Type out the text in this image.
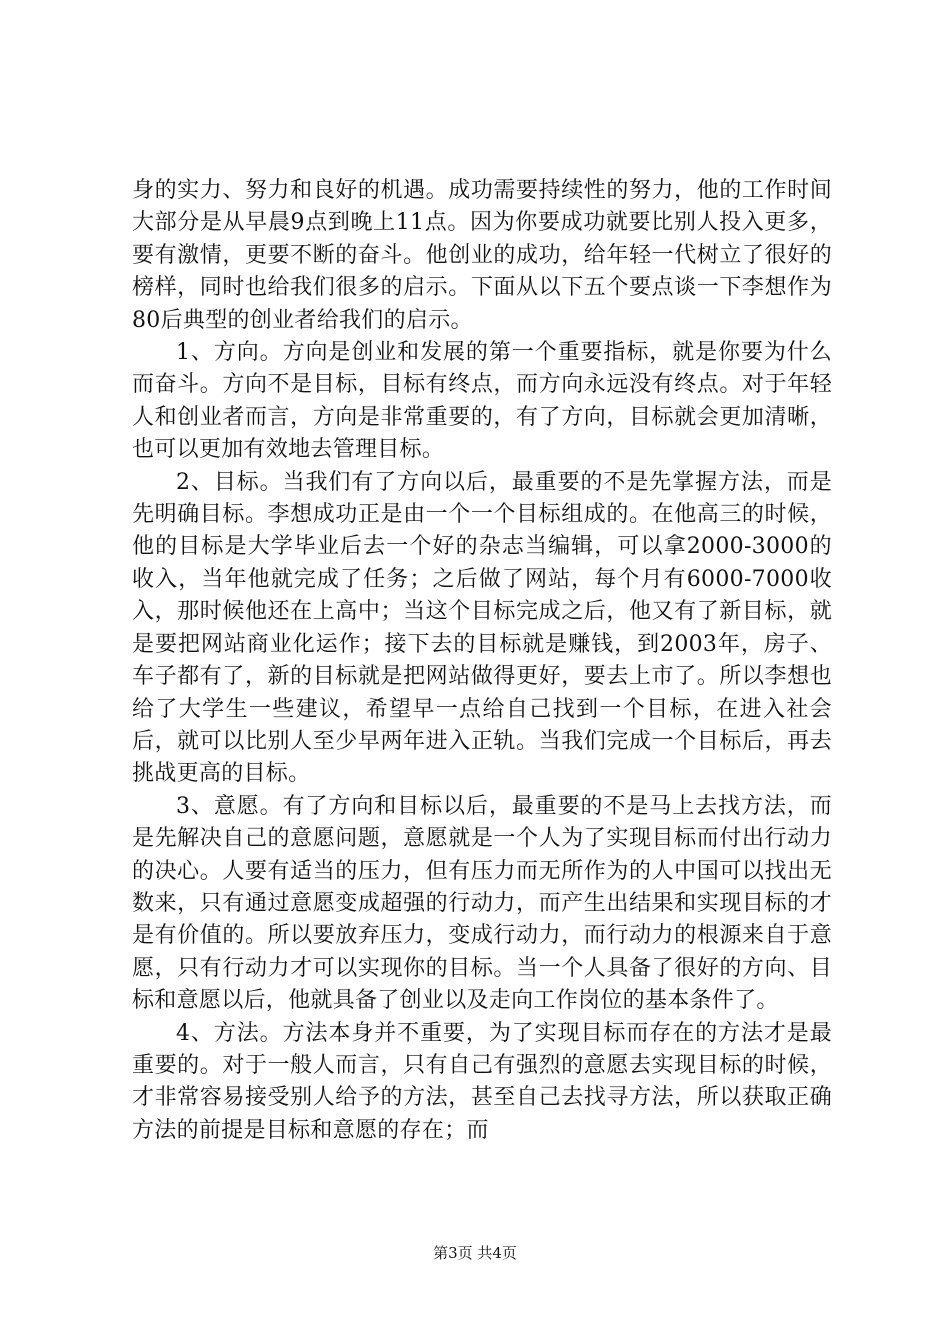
身的实力、努力和良好的机遇。成功需要持续性的努力，他的工作时间大部分是从早晨9点到晚上11点。因为你要成功就要比别人投入更多，要有激情，更要不断的奋斗。他创业的成功，给年轻一代树立了很好的榜样，同时也给我们很多的启示。下面从以下五个要点谈一下李想作为80后典型的创业者给我们的启示。

1、方向。方向是创业和发展的第一个重要指标，就是你要为什么而奋斗。方向不是目标，目标有终点，而方向永远没有终点。对于年轻人和创业者而言，方向是非常重要的，有了方向，目标就会更加清晰，也可以更加有效地去管理目标。

2、目标。当我们有了方向以后，最重要的不是先掌握方法，而是先明确目标。李想成功正是由一个一个目标组成的。在他高三的时候，他的目标是大学毕业后去一个好的杂志当编辑，可以拿2000-3000的收入，当年他就完成了任务；之后做了网站，每个月有6000-7000收入，那时候他还在上高中；当这个目标完成之后，他又有了新目标，就是要把网站商业化运作；接下去的目标就是赚钱，到2003年，房子、车子都有了，新的目标就是把网站做得更好，要去上市了。所以李想也给了大学生一些建议，希望早一点给自己找到一个目标，在进入社会后，就可以比别人至少早两年进入正轨。当我们完成一个目标后，再去挑战更高的目标。

3、意愿。有了方向和目标以后，最重要的不是马上去找方法，而是先解决自己的意愿问题，意愿就是一个人为了实现目标而付出行动力的决心。人要有适当的压力，但有压力而无所作为的人中国可以找出无数来，只有通过意愿变成超强的行动力，而产生出结果和实现目标的才是有价值的。所以要放弃压力，变成行动力，而行动力的根源来自于意愿，只有行动力才可以实现你的目标。当一个人具备了很好的方向、目标和意愿以后，他就具备了创业以及走向工作岗位的基本条件了。

4、方法。方法本身并不重要，为了实现目标而存在的方法才是最重要的。对于一般人而言，只有自己有强烈的意愿去实现目标的时候，才非常容易接受别人给予的方法，甚至自己去找寻方法，所以获取正确方法的前提是目标和意愿的存在；而

第3页 共4页
